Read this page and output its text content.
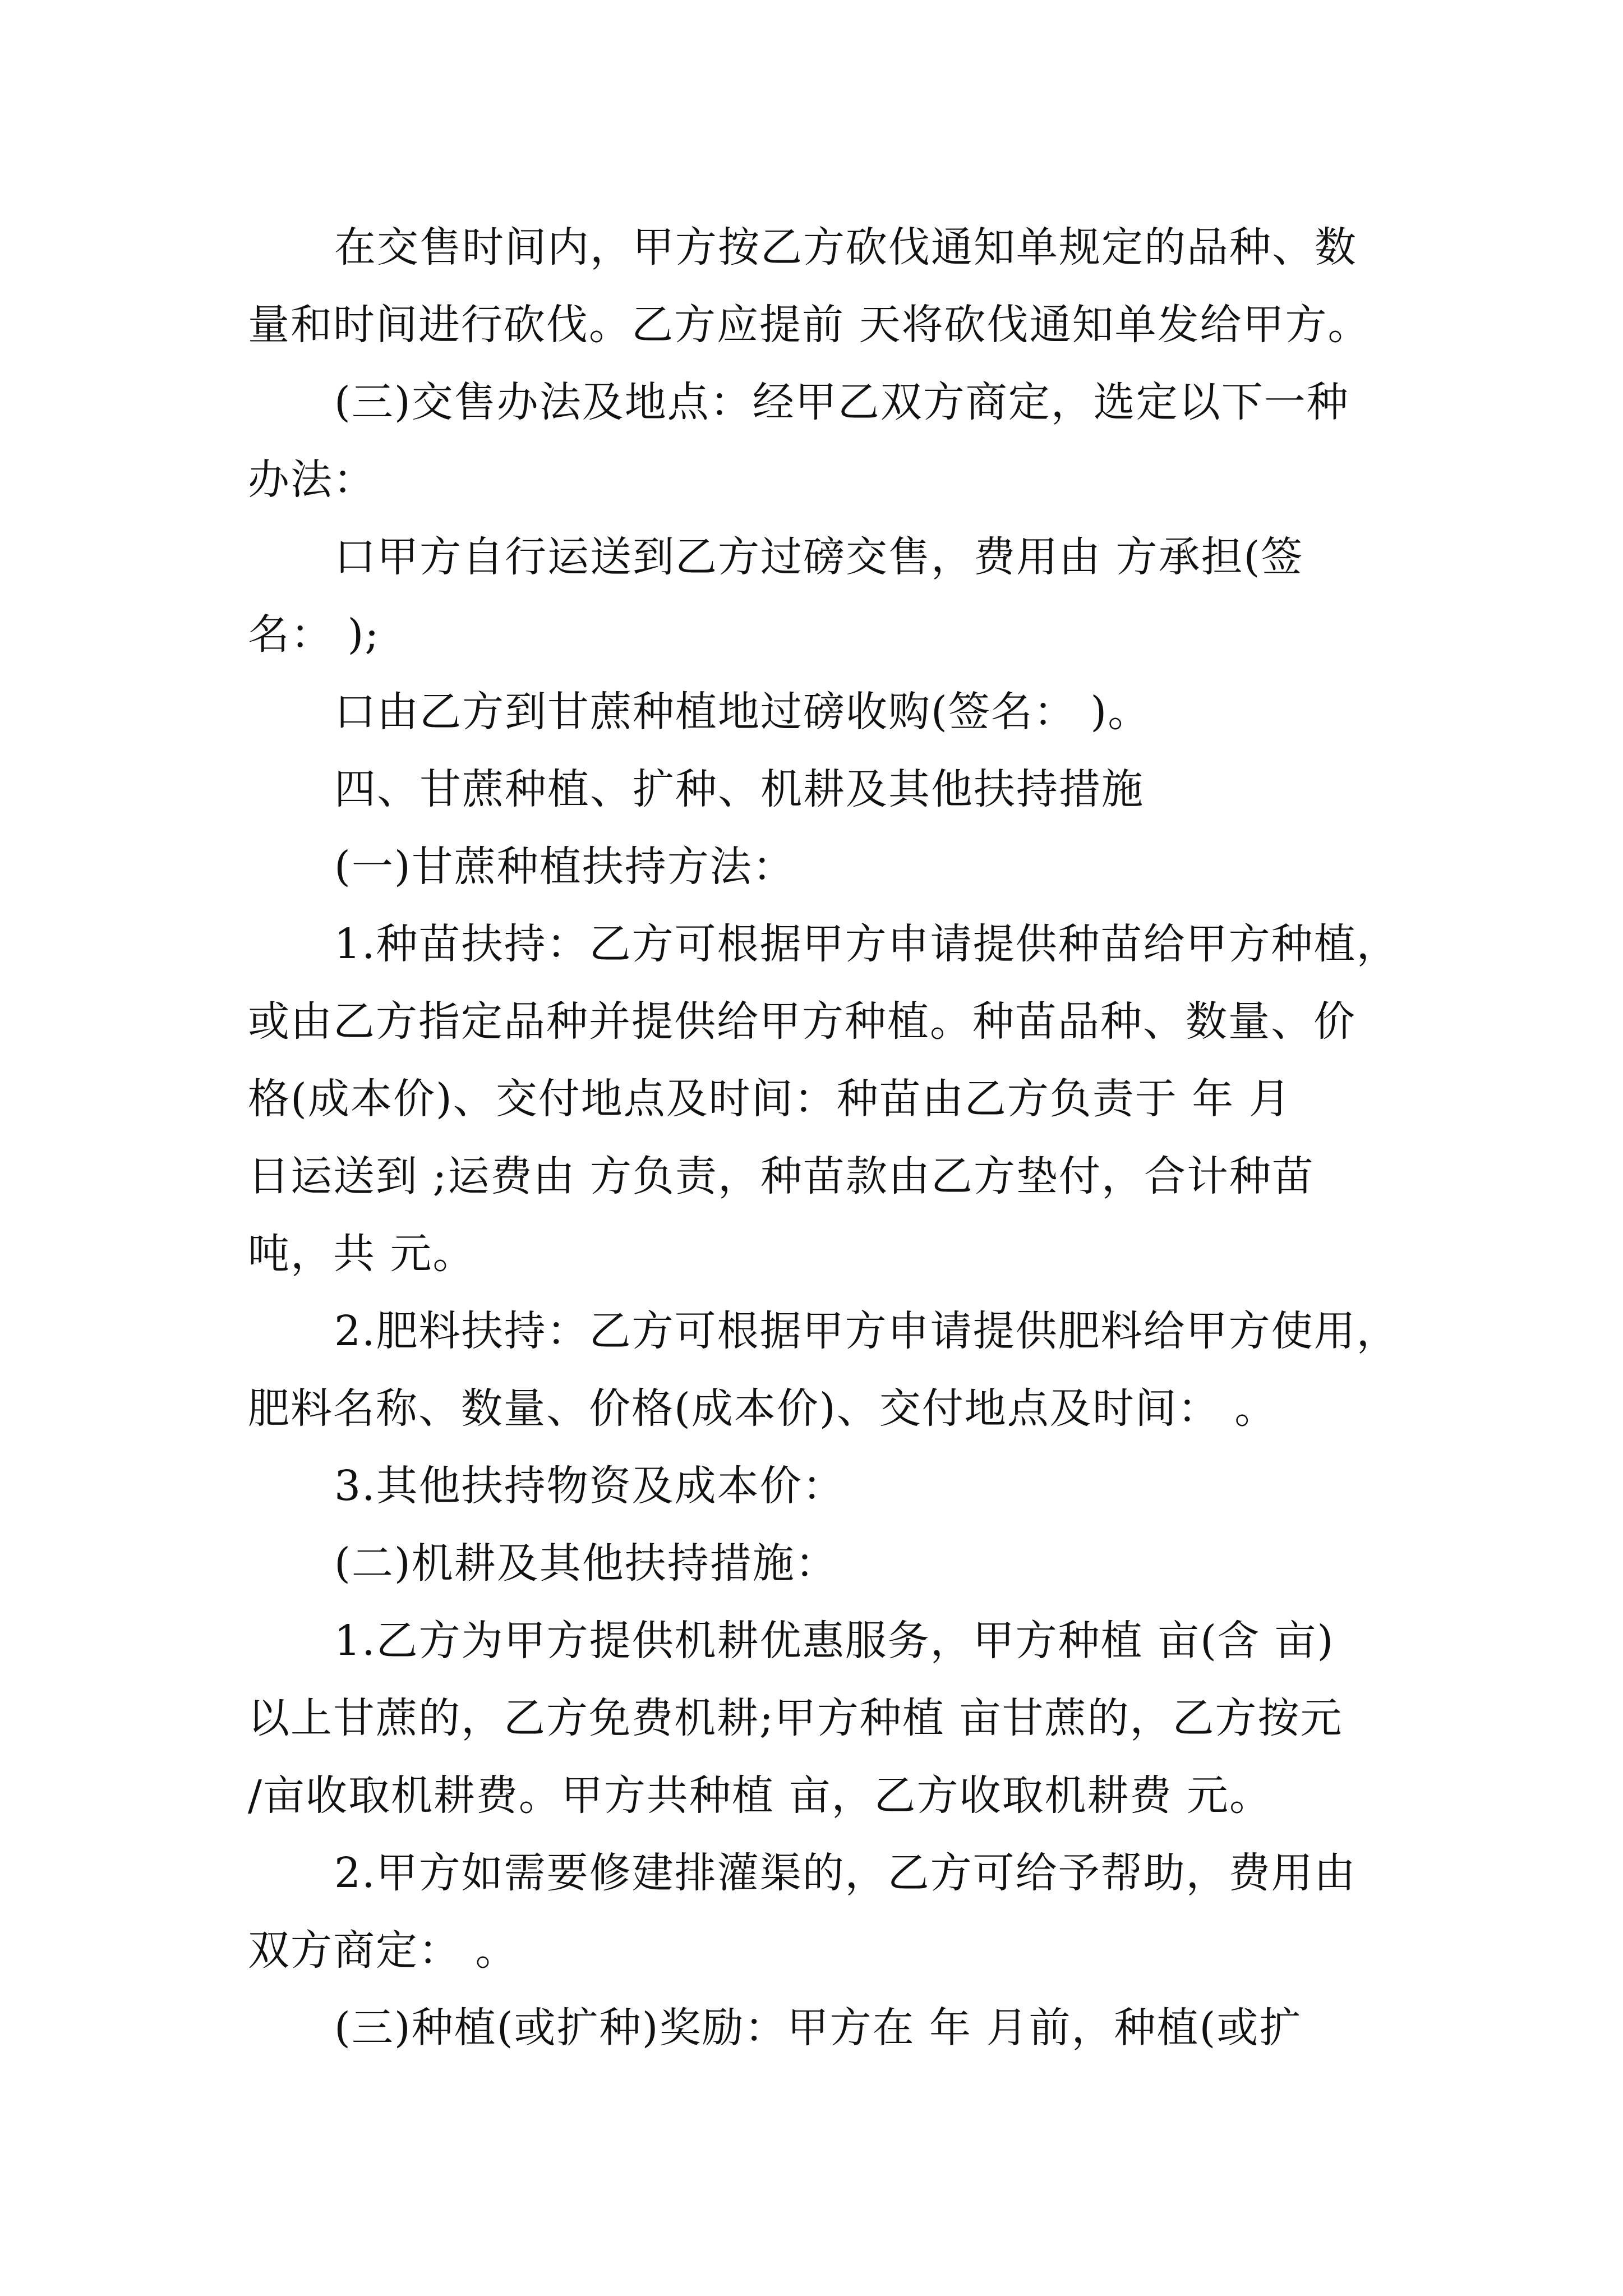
在交售时间内，甲方按乙方砍伐通知单规定的品种、数
量和时间进行砍伐。乙方应提前 天将砍伐通知单发给甲方。
(三)交售办法及地点：经甲乙双方商定，选定以下一种
办法：
口甲方自行运送到乙方过磅交售，费用由 方承担(签
名： );
口由乙方到甘蔗种植地过磅收购(签名： )。
四、甘蔗种植、扩种、机耕及其他扶持措施
(一)甘蔗种植扶持方法：
1.种苗扶持：乙方可根据甲方申请提供种苗给甲方种植，
或由乙方指定品种并提供给甲方种植。种苗品种、数量、价
格(成本价)、交付地点及时间：种苗由乙方负责于 年 月
日运送到 ;运费由 方负责，种苗款由乙方垫付，合计种苗
吨，共 元。
2.肥料扶持：乙方可根据甲方申请提供肥料给甲方使用，
肥料名称、数量、价格(成本价)、交付地点及时间： 。
3.其他扶持物资及成本价：
(二)机耕及其他扶持措施：
1.乙方为甲方提供机耕优惠服务，甲方种植 亩(含 亩)
以上甘蔗的，乙方免费机耕;甲方种植 亩甘蔗的，乙方按元
/亩收取机耕费。甲方共种植 亩，乙方收取机耕费 元。
2.甲方如需要修建排灌渠的，乙方可给予帮助，费用由
双方商定： 。
(三)种植(或扩种)奖励：甲方在 年 月前，种植(或扩
